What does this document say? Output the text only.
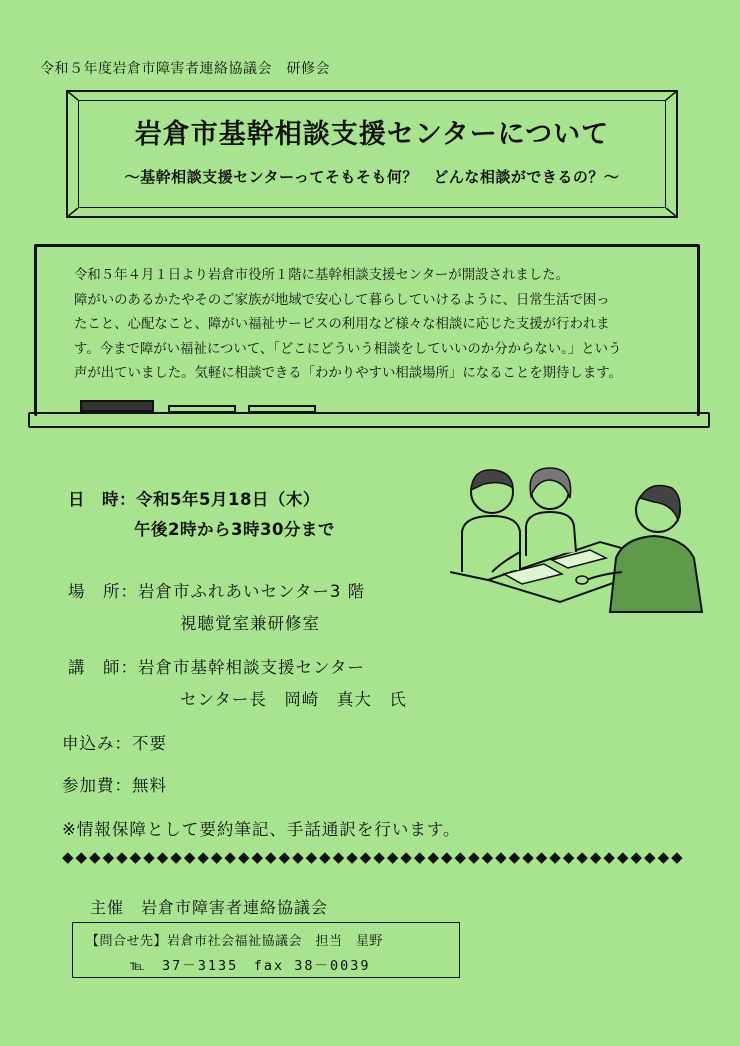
令和５年度岩倉市障害者連絡協議会　研修会
岩倉市基幹相談支援センターについて
～基幹相談支援センターってそもそも何？　どんな相談ができるの？～
令和５年４月１日より岩倉市役所１階に基幹相談支援センターが開設されました。
障がいのあるかたやそのご家族が地域で安心して暮らしていけるように、日常生活で困っ
たこと、心配なこと、障がい福祉サービスの利用など様々な相談に応じた支援が行われま
す。今まで障がい福祉について、「どこにどういう相談をしていいのか分からない。」という
声が出ていました。気軽に相談できる「わかりやすい相談場所」になることを期待します。
日　時：令和5年5月18日（木）
午後2時から3時30分まで
場　所：岩倉市ふれあいセンター3 階
視聴覚室兼研修室
講　師：岩倉市基幹相談支援センター
センター長　岡崎　真大　氏
申込み：不要
参加費：無料
※情報保障として要約筆記、手話通訳を行います。
◆◆◆◆◆◆◆◆◆◆◆◆◆◆◆◆◆◆◆◆◆◆◆◆◆◆◆◆◆◆◆◆◆◆◆◆◆◆◆◆◆◆◆◆◆◆
主催　岩倉市障害者連絡協議会
【問合せ先】岩倉市社会福祉協議会　担当　星野
℡　37－3135　fax 38－0039
